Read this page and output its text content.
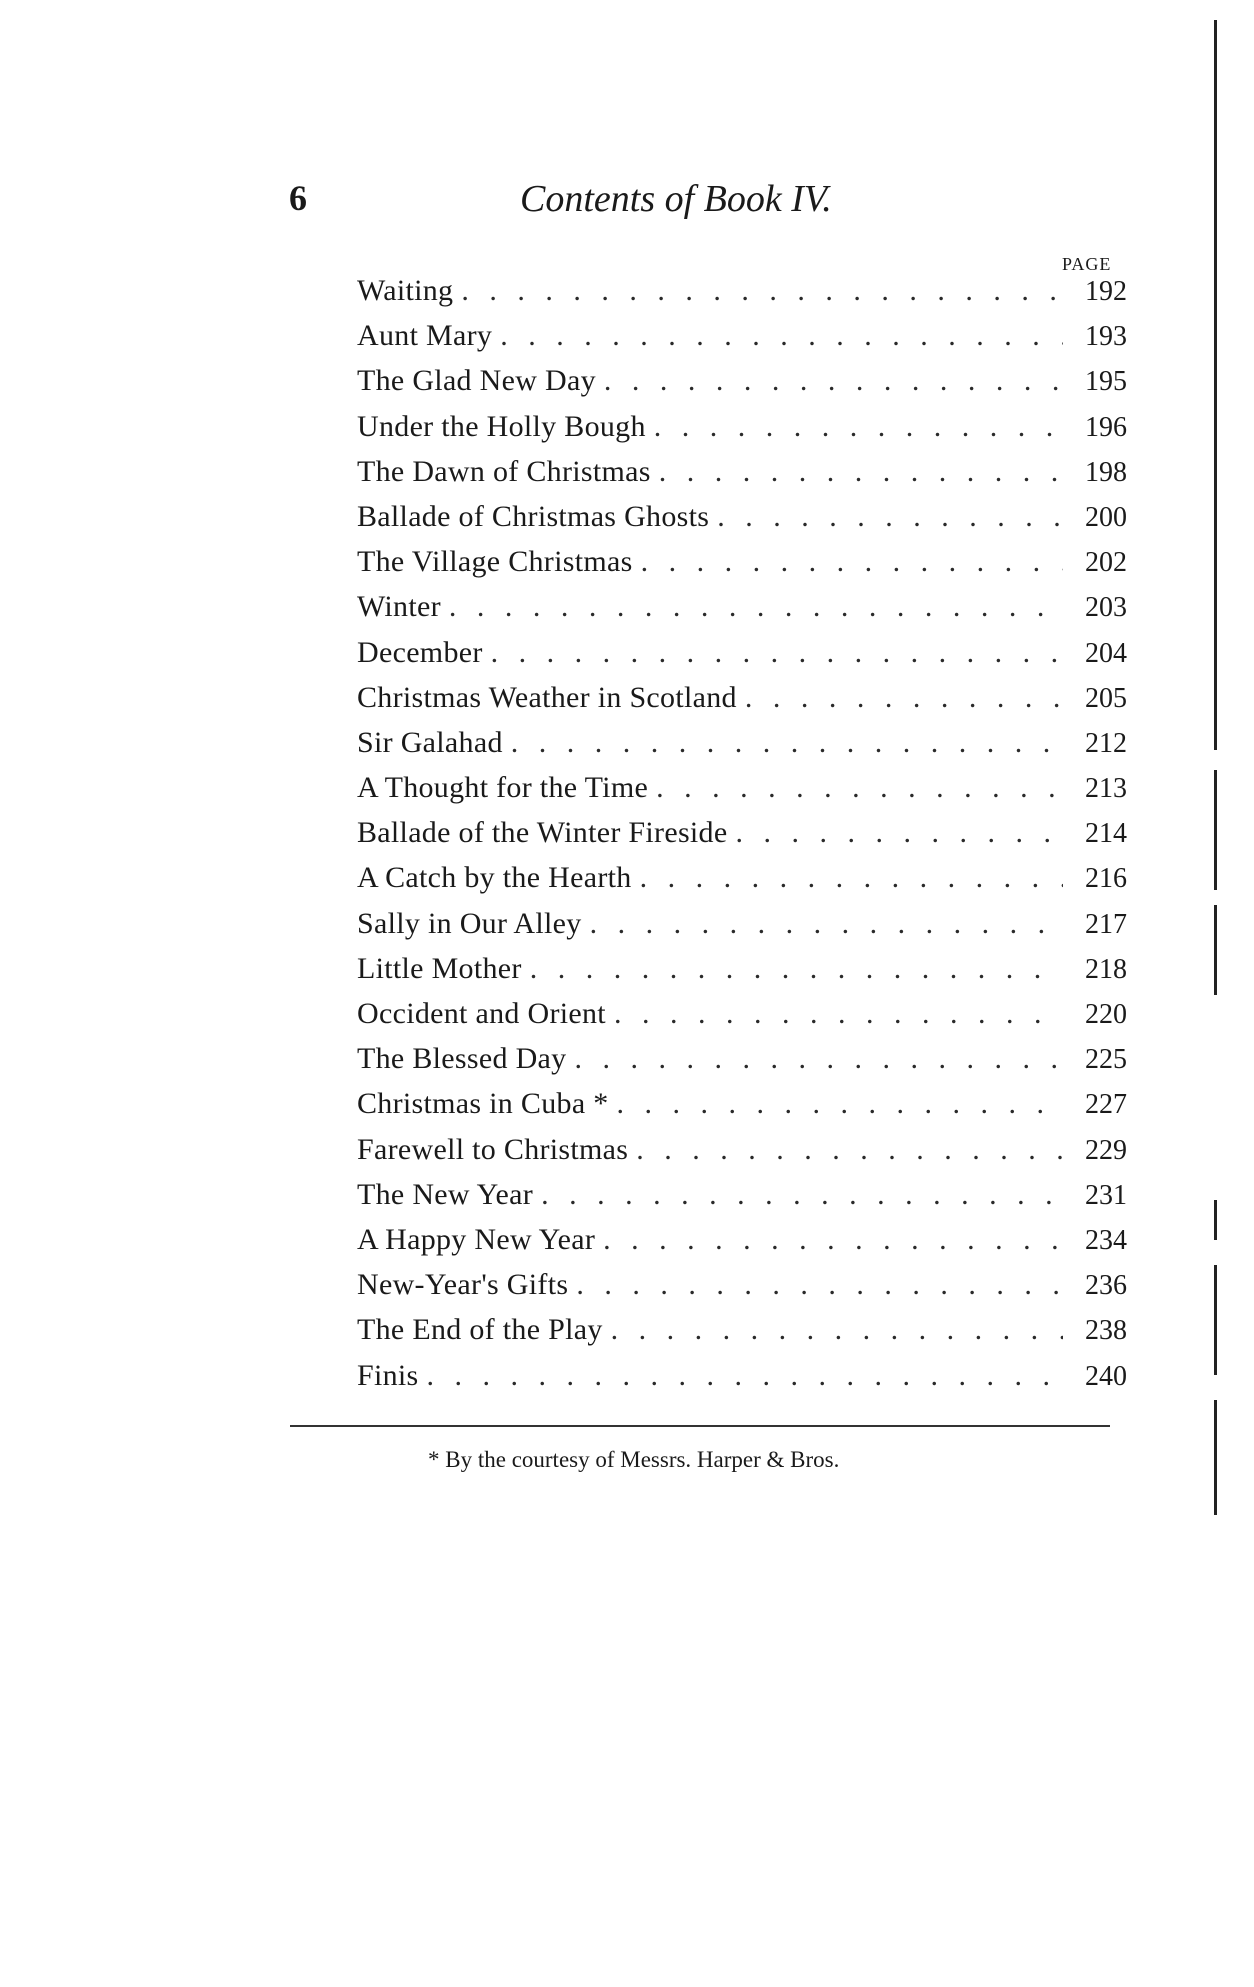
6	Contents of Book IV.
PAGE
Waiting . . .	192
Aunt Mary . . .	193
The Glad New Day . . .	195
Under the Holly Bough . . .	196
The Dawn of Christmas . . .	198
Ballade of Christmas Ghosts . . .	200
The Village Christmas . . .	202
Winter . . .	203
December . . .	204
Christmas Weather in Scotland . . .	205
Sir Galahad . . .	212
A Thought for the Time . . .	213
Ballade of the Winter Fireside . . .	214
A Catch by the Hearth . . .	216
Sally in Our Alley . . .	217
Little Mother . . .	218
Occident and Orient . . .	220
The Blessed Day . . .	225
Christmas in Cuba * . . .	227
Farewell to Christmas . . .	229
The New Year . . .	231
A Happy New Year . . .	234
New-Year's Gifts . . .	236
The End of the Play . . .	238
Finis . . .	240
* By the courtesy of Messrs. Harper & Bros.
